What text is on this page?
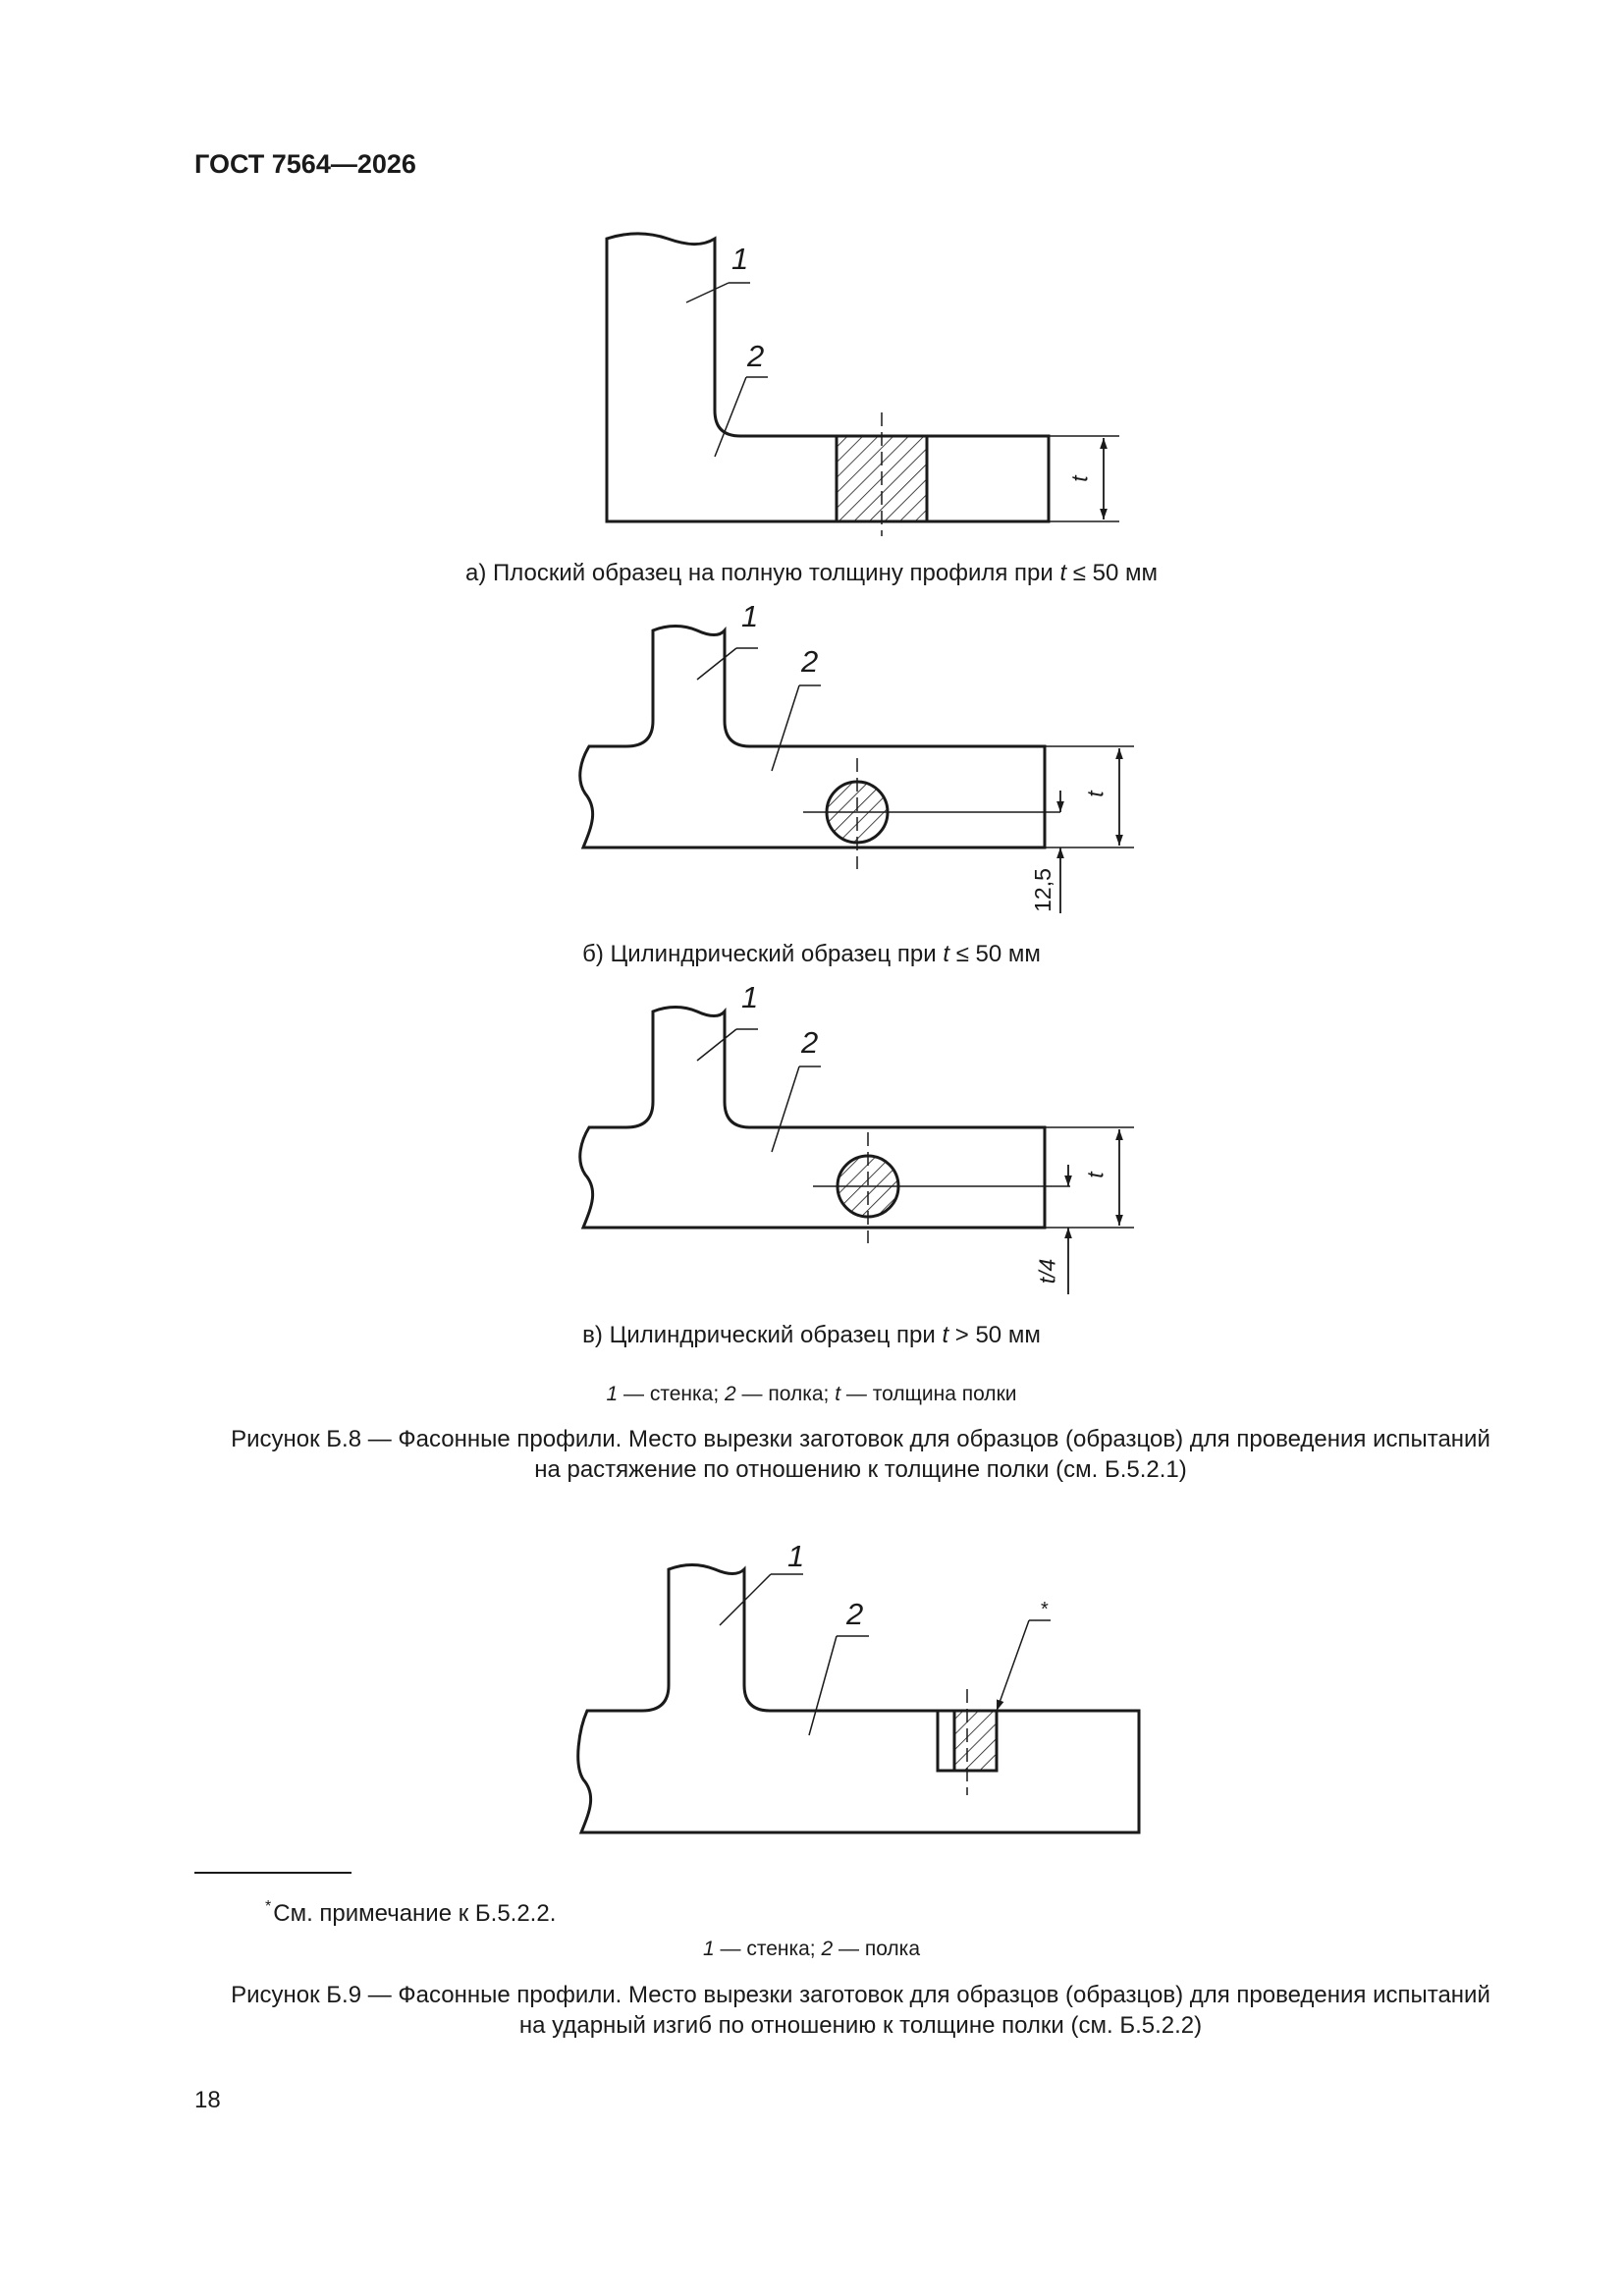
ГОСТ 7564—2026
1
2
t
а) Плоский образец на полную толщину профиля при t ≤ 50 мм
1
2
t
12,5
б) Цилиндрический образец при t ≤ 50 мм
1
2
t
t/4
в) Цилиндрический образец при t > 50 мм
1 — стенка; 2 — полка; t — толщина полки
Рисунок Б.8 — Фасонные профили. Место вырезки заготовок для образцов (образцов) для проведения испытаний
на растяжение по отношению к толщине полки (см. Б.5.2.1)
1
2	*
*См. примечание к Б.5.2.2.
1 — стенка; 2 — полка
Рисунок Б.9 — Фасонные профили. Место вырезки заготовок для образцов (образцов) для проведения испытаний
на ударный изгиб по отношению к толщине полки (см. Б.5.2.2)
18
